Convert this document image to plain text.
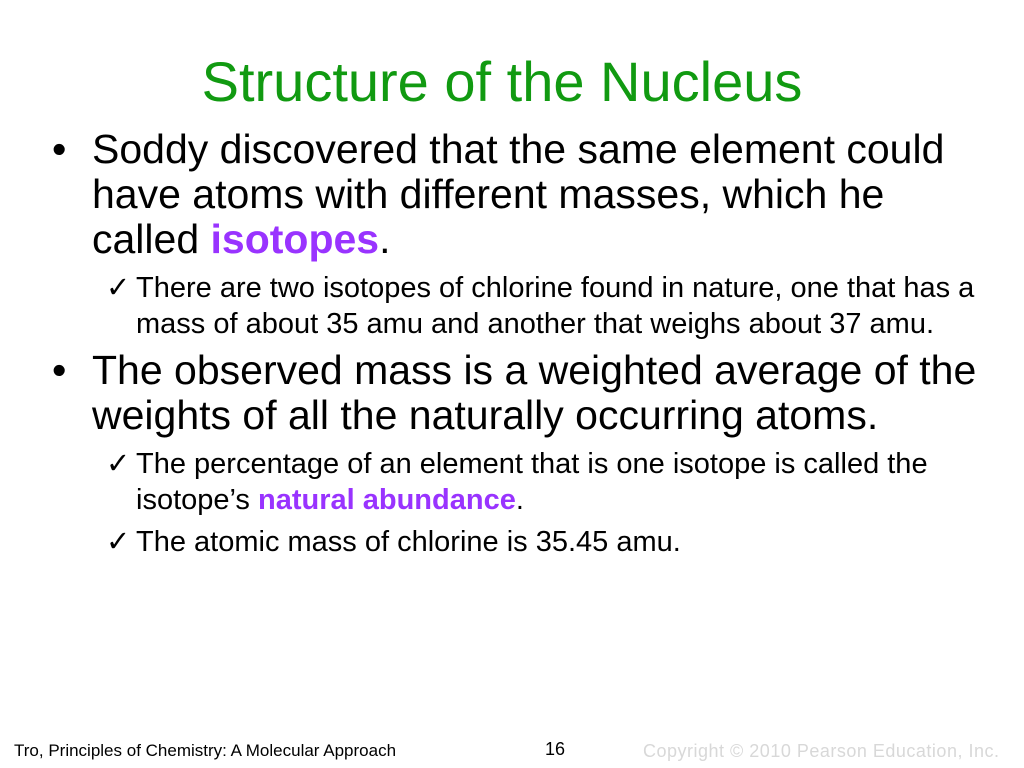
Structure of the Nucleus
• Soddy discovered that the same element could have atoms with different masses, which he called isotopes.
✓ There are two isotopes of chlorine found in nature, one that has a mass of about 35 amu and another that weighs about 37 amu.
• The observed mass is a weighted average of the weights of all the naturally occurring atoms.
✓ The percentage of an element that is one isotope is called the isotope’s natural abundance.
✓ The atomic mass of chlorine is 35.45 amu.
Tro, Principles of Chemistry: A Molecular Approach	16	Copyright © 2010 Pearson Education, Inc.
